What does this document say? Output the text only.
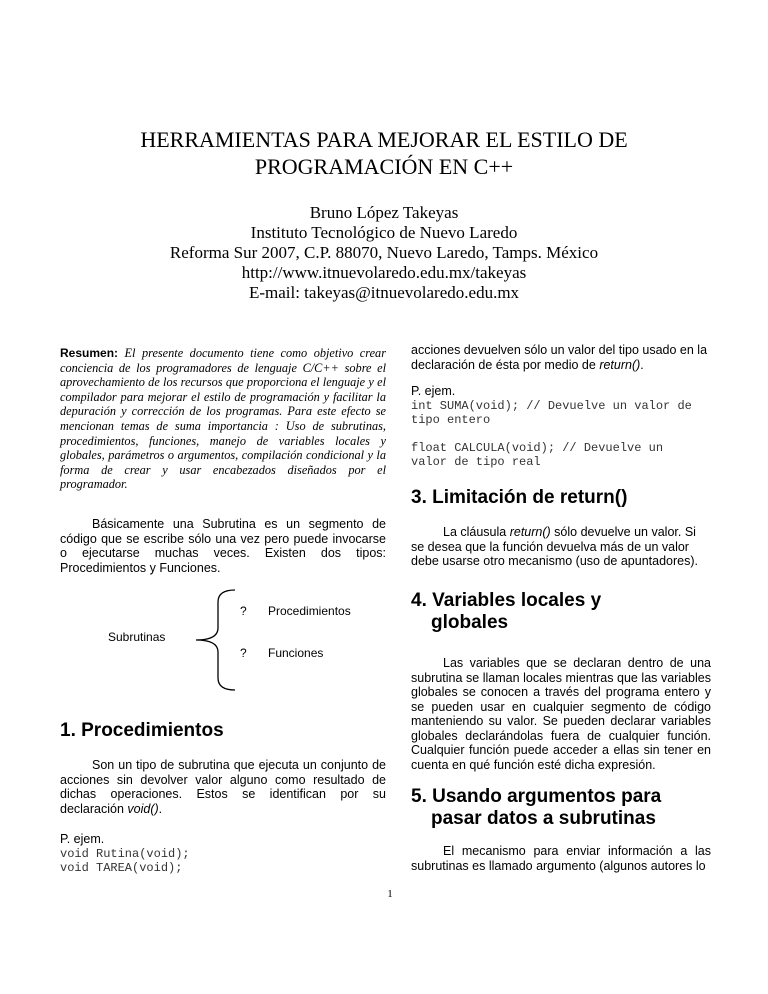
HERRAMIENTAS PARA MEJORAR EL ESTILO DE
PROGRAMACIÓN EN C++
Bruno López Takeyas
Instituto Tecnológico de Nuevo Laredo
Reforma Sur 2007, C.P. 88070, Nuevo Laredo, Tamps. México
http://www.itnuevolaredo.edu.mx/takeyas
E-mail: takeyas@itnuevolaredo.edu.mx
Resumen: El presente documento tiene como objetivo crear conciencia de los programadores de lenguaje C/C++ sobre el aprovechamiento de los recursos que proporciona el lenguaje y el compilador para mejorar el estilo de programación y facilitar la depuración y corrección de los programas. Para este efecto se mencionan temas de suma importancia : Uso de subrutinas, procedimientos, funciones, manejo de variables locales y globales, parámetros o argumentos, compilación condicional y la forma de crear y usar encabezados diseñados por el programador.

Básicamente una Subrutina es un segmento de código que se escribe sólo una vez pero puede invocarse o ejecutarse muchas veces. Existen dos tipos: Procedimientos y Funciones.

? Procedimientos
? Funciones
Subrutinas
1. Procedimientos

Son un tipo de subrutina que ejecuta un conjunto de acciones sin devolver valor alguno como resultado de dichas operaciones. Estos se identifican por su declaración void().

P. ejem.
void Rutina(void);
void TAREA(void);

acciones devuelven sólo un valor del tipo usado en la declaración de ésta por medio de return().

P. ejem.
int SUMA(void); // Devuelve un valor de
tipo entero
float CALCULA(void); // Devuelve un
valor de tipo real
3. Limitación de return()

La cláusula return() sólo devuelve un valor. Si se desea que la función devuelva más de un valor debe usarse otro mecanismo (uso de apuntadores).

4. Variables locales y
globales

Las variables que se declaran dentro de una subrutina se llaman locales mientras que las variables globales se conocen a través del programa entero y se pueden usar en cualquier segmento de código manteniendo su valor. Se pueden declarar variables globales declarándolas fuera de cualquier función. Cualquier función puede acceder a ellas sin tener en cuenta en qué función esté dicha expresión.

5. Usando argumentos para
pasar datos a subrutinas

El mecanismo para enviar información a las subrutinas es llamado argumento (algunos autores lo

1
